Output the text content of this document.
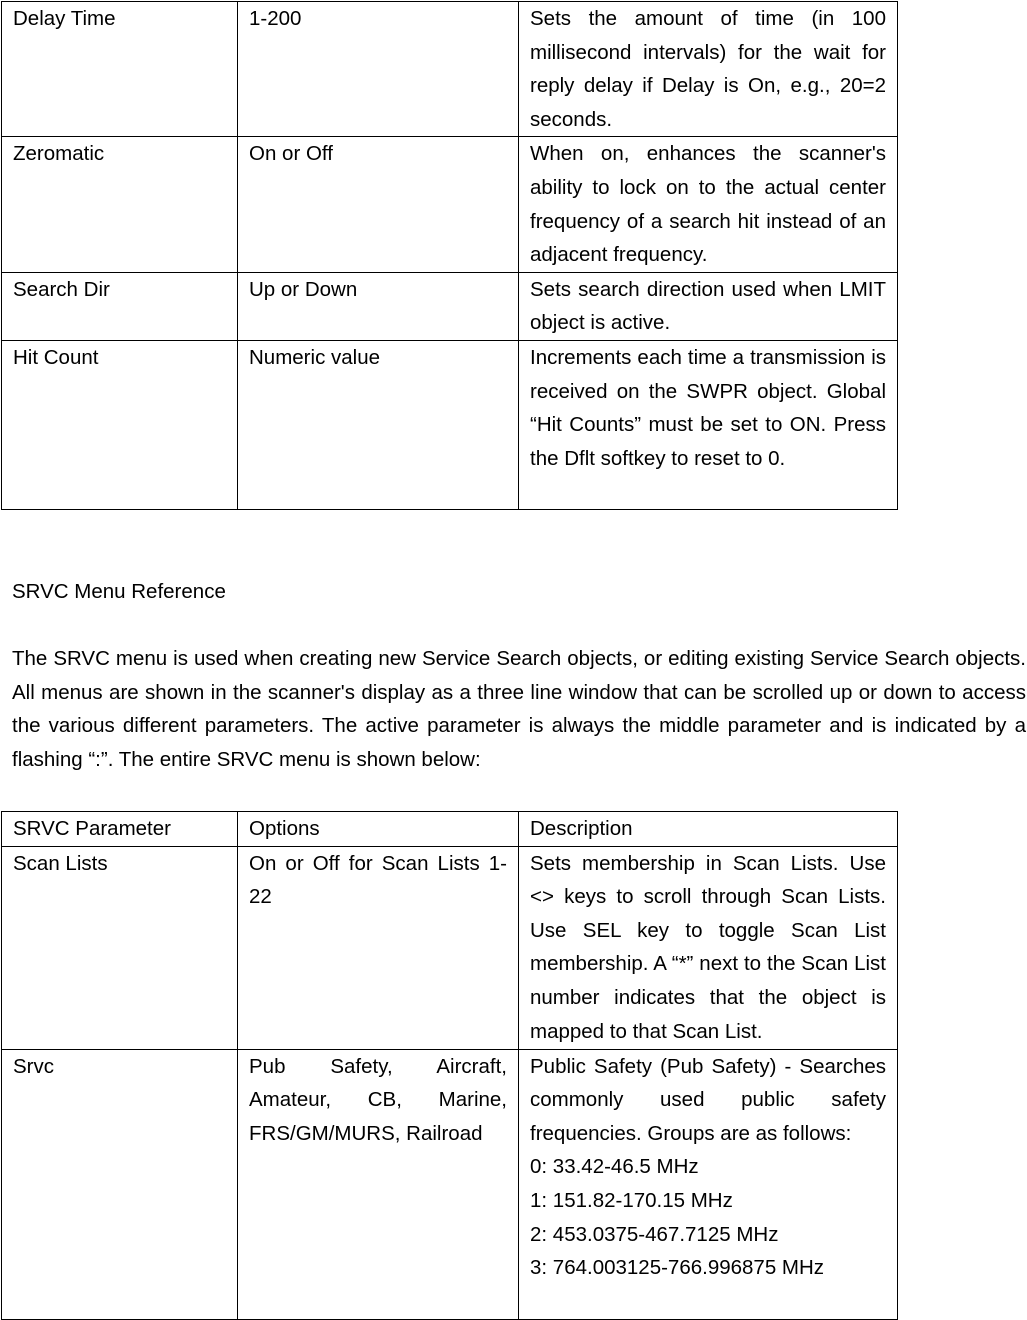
Delay Time	1-200	Sets the amount of time (in 100 millisecond intervals) for the wait for reply delay if Delay is On, e.g., 20=2 seconds.
Zeromatic	On or Off	When on, enhances the scanner's ability to lock on to the actual center frequency of a search hit instead of an adjacent frequency.
Search Dir	Up or Down	Sets search direction used when LMIT object is active.
Hit Count	Numeric value	Increments each time a transmission is received on the SWPR object. Global “Hit Counts” must be set to ON. Press the Dflt softkey to reset to 0.
SRVC Menu Reference

The SRVC menu is used when creating new Service Search objects, or editing existing Service Search objects. All menus are shown in the scanner's display as a three line window that can be scrolled up or down to access the various different parameters. The active parameter is always the middle parameter and is indicated by a flashing “:”. The entire SRVC menu is shown below:

SRVC Parameter	Options	Description
Scan Lists	On or Off for Scan Lists 1-22	Sets membership in Scan Lists. Use <> keys to scroll through Scan Lists. Use SEL key to toggle Scan List membership. A “*” next to the Scan List number indicates that the object is mapped to that Scan List.
Srvc	Pub Safety, Aircraft, Amateur, CB, Marine, FRS/GM/MURS, Railroad	Public Safety (Pub Safety) - Searches commonly used public safety frequencies. Groups are as follows:
0: 33.42-46.5 MHz
1: 151.82-170.15 MHz
2: 453.0375-467.7125 MHz
3: 764.003125-766.996875 MHz
